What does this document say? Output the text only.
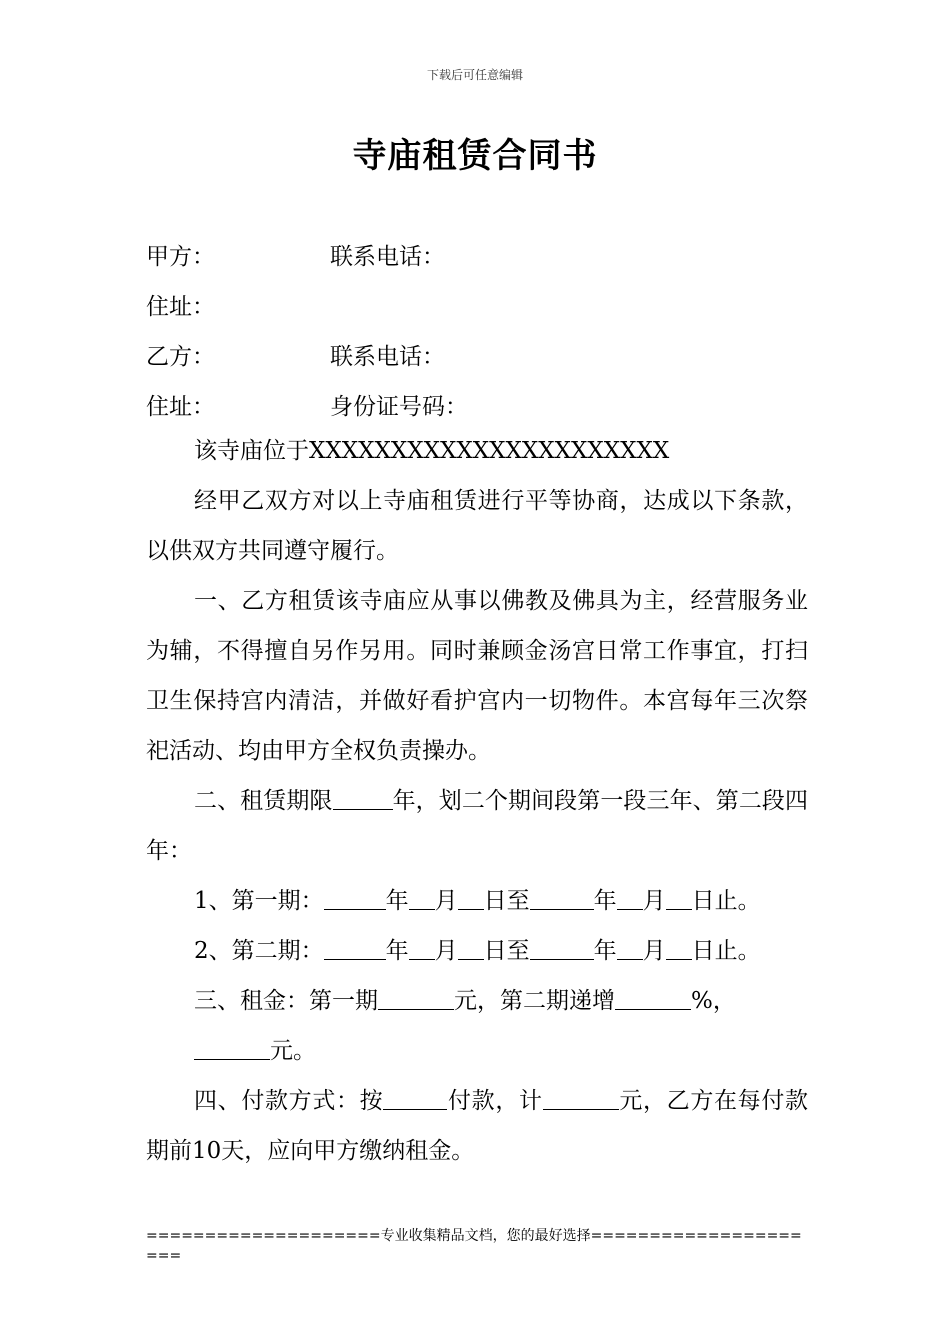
下载后可任意编辑
寺庙租赁合同书
甲方：	联系电话：
住址：
乙方：	联系电话：
住址：	身份证号码：
该寺庙位于XXXXXXXXXXXXXXXXXXXXXX
经甲乙双方对以上寺庙租赁进行平等协商，达成以下条款，以供双方共同遵守履行。
一、乙方租赁该寺庙应从事以佛教及佛具为主，经营服务业为辅，不得擅自另作另用。同时兼顾金汤宫日常工作事宜，打扫卫生保持宫内清洁，并做好看护宫内一切物件。本宫每年三次祭祀活动、均由甲方全权负责操办。
二、租赁期限	年，划二个期间段第一段三年、第二段四年：
1、第一期：	年 月 日至	年 月 日止。
2、第二期：	年 月 日至	年 月 日止。
三、租金：第一期	元，第二期递增	%，
元。
四、付款方式：按	付款，计	元，乙方在每付款期前10天，应向甲方缴纳租金。
====================专业收集精品文档，您的最好选择=====================
